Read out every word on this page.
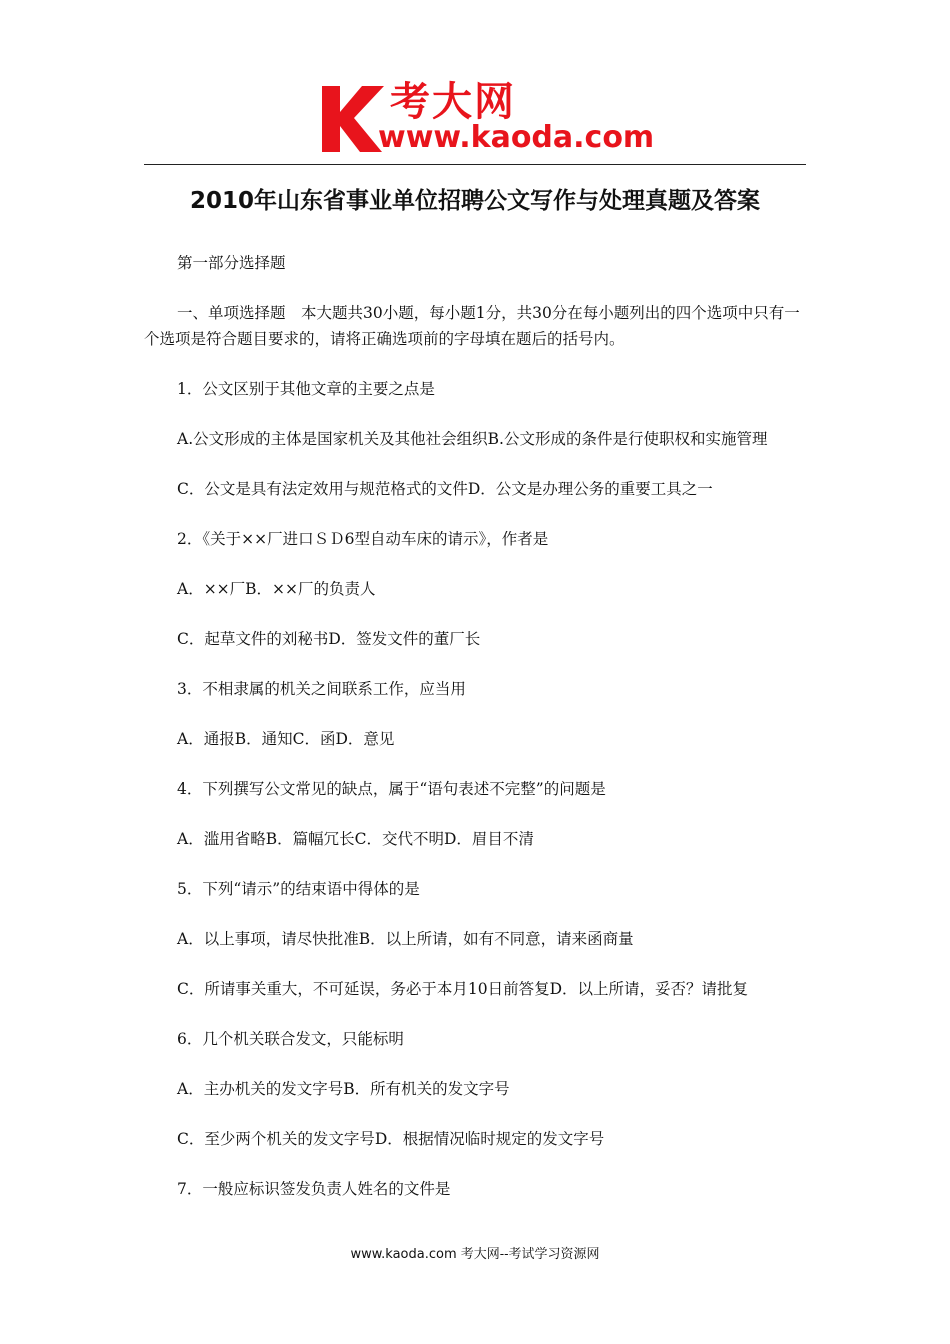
考大网
www.kaoda.com
2010年山东省事业单位招聘公文写作与处理真题及答案

第一部分选择题

一、单项选择题　本大题共30小题，每小题1分，共30分在每小题列出的四个选项中只有一个选项是符合题目要求的，请将正确选项前的字母填在题后的括号内。

1．公文区别于其他文章的主要之点是

A.公文形成的主体是国家机关及其他社会组织B.公文形成的条件是行使职权和实施管理

C．公文是具有法定效用与规范格式的文件D．公文是办理公务的重要工具之一

2．《关于××厂进口ＳＤ6型自动车床的请示》，作者是

A．××厂B．××厂的负责人

C．起草文件的刘秘书D．签发文件的董厂长

3．不相隶属的机关之间联系工作，应当用

A．通报B．通知C．函D．意见

4．下列撰写公文常见的缺点，属于“语句表述不完整”的问题是

A．滥用省略B．篇幅冗长C．交代不明D．眉目不清

5．下列“请示”的结束语中得体的是

A．以上事项，请尽快批准B．以上所请，如有不同意，请来函商量

C．所请事关重大，不可延误，务必于本月10日前答复D．以上所请，妥否？请批复

6．几个机关联合发文，只能标明

A．主办机关的发文字号B．所有机关的发文字号

C．至少两个机关的发文字号D．根据情况临时规定的发文字号

7．一般应标识签发负责人姓名的文件是

www.kaoda.com 考大网--考试学习资源网
